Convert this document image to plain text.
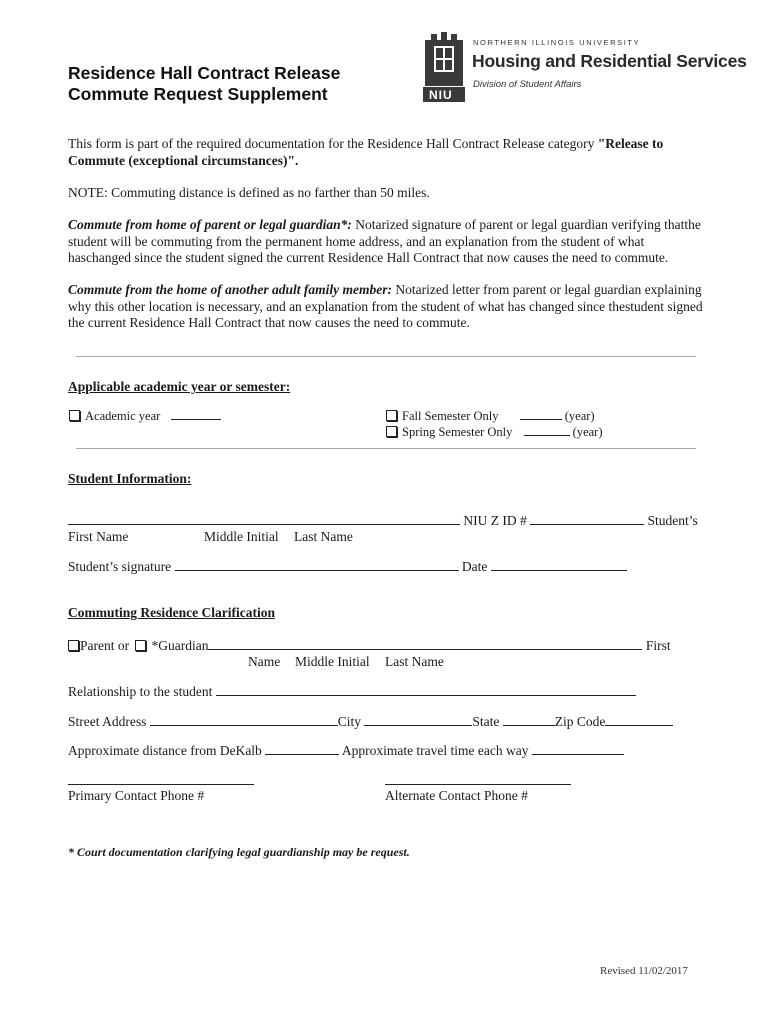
Residence Hall Contract Release
Commute Request Supplement	NIU
NORTHERN ILLINOIS UNIVERSITY
Housing and Residential Services
Division of Student Affairs
This form is part of the required documentation for the Residence Hall Contract Release category "Release to Commute (exceptional circumstances)".
NOTE: Commuting distance is defined as no farther than 50 miles.
Commute from home of parent or legal guardian*: Notarized signature of parent or legal guardian verifying thatthe student will be commuting from the permanent home address, and an explanation from the student of what haschanged since the student signed the current Residence Hall Contract that now causes the need to commute.
Commute from the home of another adult family member: Notarized letter from parent or legal guardian explaining why this other location is necessary, and an explanation from the student of what has changed since thestudent signed the current Residence Hall Contract that now causes the need to commute.
Applicable academic year or semester:
Academic year	Fall Semester Only	(year)
Spring Semester Only	(year)
Student Information:
NIU Z ID #	Student’s
First Name	Middle Initial Last Name
Student’s signature	Date
Commuting Residence Clarification
Parent or *Guardian	First
Name Middle Initial Last Name
Relationship to the student
Street Address	City	State	Zip Code
Approximate distance from DeKalb	Approximate travel time each way
Primary Contact Phone #	Alternate Contact Phone #
* Court documentation clarifying legal guardianship may be request.
Revised 11/02/2017
